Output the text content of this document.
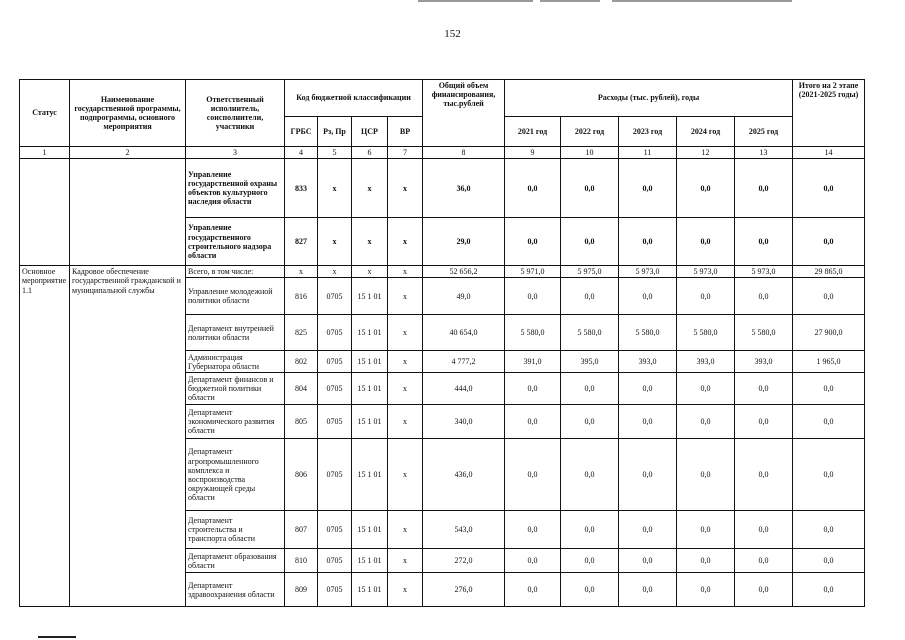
152
Статус	Наименование государственной программы, подпрограммы, основного мероприятия	Ответственный исполнитель, соисполнители, участники	Код бюджетной классификации				Общий объем финансирования, тыс.рублей	Расходы (тыс. рублей), годы					Итого на 2 этапе (2021-2025 годы)
			ГРБС	Рз, Пр	ЦСР	ВР		2021 год	2022 год	2023 год	2024 год	2025 год	
1	2	3	4	5	6	7	8	9	10	11	12	13	14
		Управление государственной охраны объектов культурного наследия области	833	x	x	x	36,0	0,0	0,0	0,0	0,0	0,0	0,0
		Управление государственного строительного надзора области	827	x	x	x	29,0	0,0	0,0	0,0	0,0	0,0	0,0
Основное мероприятие 1.1	Кадровое обеспечение государственной гражданской и муниципальной службы	Всего, в том числе:	x	x	x	x	52 656,2	5 971,0	5 975,0	5 973,0	5 973,0	5 973,0	29 865,0
		Управление молодежной политики области	816	0705	15 1 01	x	49,0	0,0	0,0	0,0	0,0	0,0	0,0
		Департамент внутренней политики области	825	0705	15 1 01	x	40 654,0	5 580,0	5 580,0	5 580,0	5 580,0	5 580,0	27 900,0
		Администрация Губернатора области	802	0705	15 1 01	x	4 777,2	391,0	395,0	393,0	393,0	393,0	1 965,0
		Департамент финансов и бюджетной политики области	804	0705	15 1 01	x	444,0	0,0	0,0	0,0	0,0	0,0	0,0
		Департамент экономического развития области	805	0705	15 1 01	x	340,0	0,0	0,0	0,0	0,0	0,0	0,0
		Департамент агропромышленного комплекса и воспроизводства окружающей среды области	806	0705	15 1 01	x	436,0	0,0	0,0	0,0	0,0	0,0	0,0
		Департамент строительства и транспорта области	807	0705	15 1 01	x	543,0	0,0	0,0	0,0	0,0	0,0	0,0
		Департамент образования области	810	0705	15 1 01	x	272,0	0,0	0,0	0,0	0,0	0,0	0,0
		Департамент здравоохранения области	809	0705	15 1 01	x	276,0	0,0	0,0	0,0	0,0	0,0	0,0
